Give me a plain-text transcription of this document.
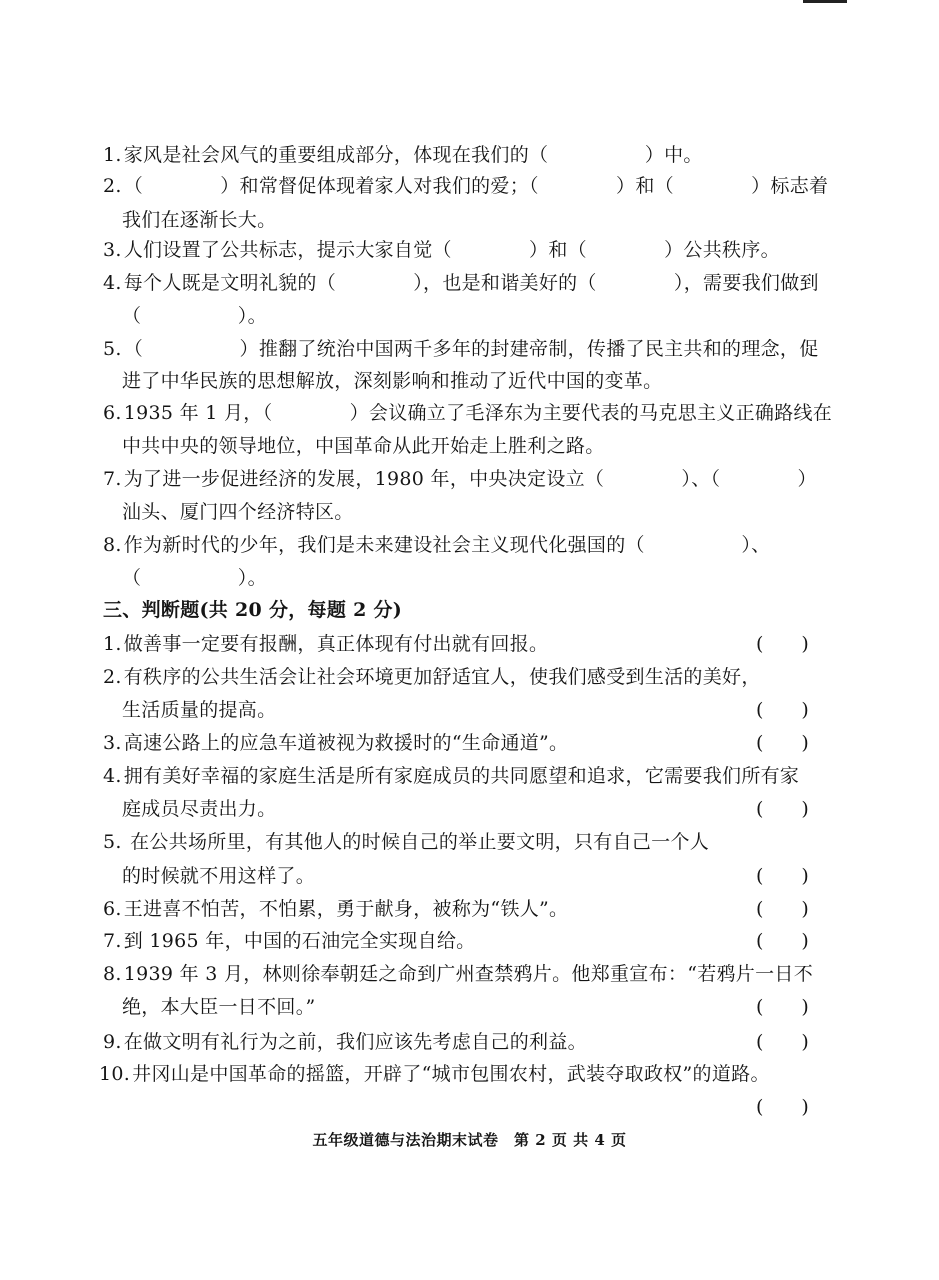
1. 家风是社会风气的重要组成部分，体现在我们的（　　　　　）中。
2. （　　　　）和常督促体现着家人对我们的爱；（　　　　）和（　　　　）标志着
我们在逐渐长大。
3. 人们设置了公共标志，提示大家自觉（　　　　）和（　　　　）公共秩序。
4. 每个人既是文明礼貌的（　　　　），也是和谐美好的（　　　　），需要我们做到
（　　　　　）。
5. （　　　　　）推翻了统治中国两千多年的封建帝制，传播了民主共和的理念，促
进了中华民族的思想解放，深刻影响和推动了近代中国的变革。
6. 1935 年 1 月，（　　　　）会议确立了毛泽东为主要代表的马克思主义正确路线在
中共中央的领导地位，中国革命从此开始走上胜利之路。
7. 为了进一步促进经济的发展，1980 年，中央决定设立（　　　　）、（　　　　）
汕头、厦门四个经济特区。
8. 作为新时代的少年，我们是未来建设社会主义现代化强国的（　　　　　）、
（　　　　　）。
三、判断题(共 20 分，每题 2 分)
1. 做善事一定要有报酬，真正体现有付出就有回报。	(　　)
2. 有秩序的公共生活会让社会环境更加舒适宜人，使我们感受到生活的美好，
生活质量的提高。	(　　)
3. 高速公路上的应急车道被视为救援时的“生命通道”。	(　　)
4. 拥有美好幸福的家庭生活是所有家庭成员的共同愿望和追求，它需要我们所有家
庭成员尽责出力。	(　　)
5. 在公共场所里，有其他人的时候自己的举止要文明，只有自己一个人
的时候就不用这样了。	(　　)
6. 王进喜不怕苦，不怕累，勇于献身，被称为“铁人”。	(　　)
7. 到 1965 年，中国的石油完全实现自给。	(　　)
8. 1939 年 3 月，林则徐奉朝廷之命到广州查禁鸦片。他郑重宣布：“若鸦片一日不
绝，本大臣一日不回。”	(　　)
9. 在做文明有礼行为之前，我们应该先考虑自己的利益。	(　　)
10. 井冈山是中国革命的摇篮，开辟了“城市包围农村，武装夺取政权”的道路。
(　　)
五年级道德与法治期末试卷　第 2 页 共 4 页
